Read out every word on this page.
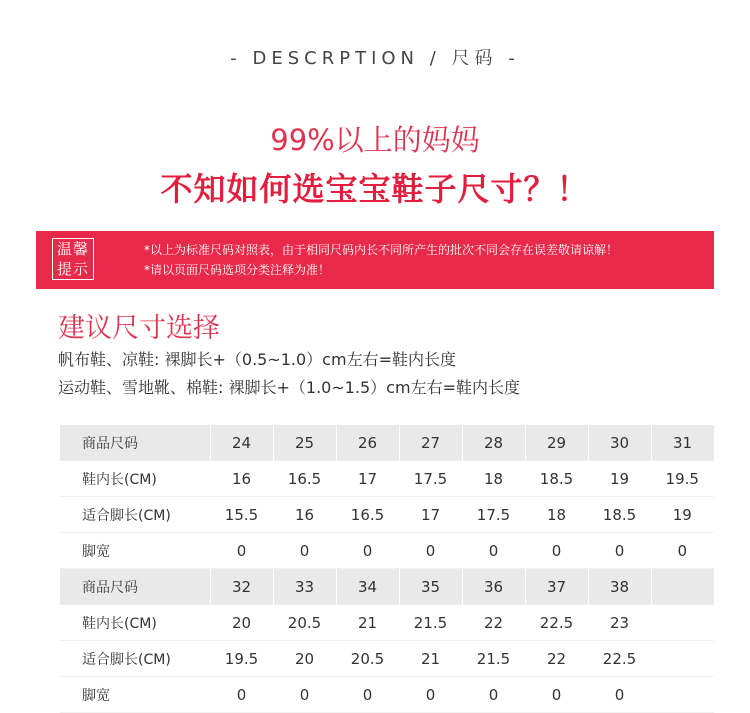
- DESCRPTION / 尺码 -
99%以上的妈妈
不知如何选宝宝鞋子尺寸？！
温馨
提示
*以上为标准尺码对照表，由于相同尺码内长不同所产生的批次不同会存在误差敬请谅解！
*请以页面尺码选项分类注释为准！
建议尺寸选择
帆布鞋、凉鞋: 裸脚长+（0.5~1.0）cm左右=鞋内长度
运动鞋、雪地靴、棉鞋: 裸脚长+（1.0~1.5）cm左右=鞋内长度
商品尺码	24	25	26	27	28	29	30	31
鞋内长(CM)	16	16.5	17	17.5	18	18.5	19	19.5
适合脚长(CM)	15.5	16	16.5	17	17.5	18	18.5	19
脚宽	0	0	0	0	0	0	0	0
商品尺码	32	33	34	35	36	37	38	
鞋内长(CM)	20	20.5	21	21.5	22	22.5	23	
适合脚长(CM)	19.5	20	20.5	21	21.5	22	22.5	
脚宽	0	0	0	0	0	0	0	
